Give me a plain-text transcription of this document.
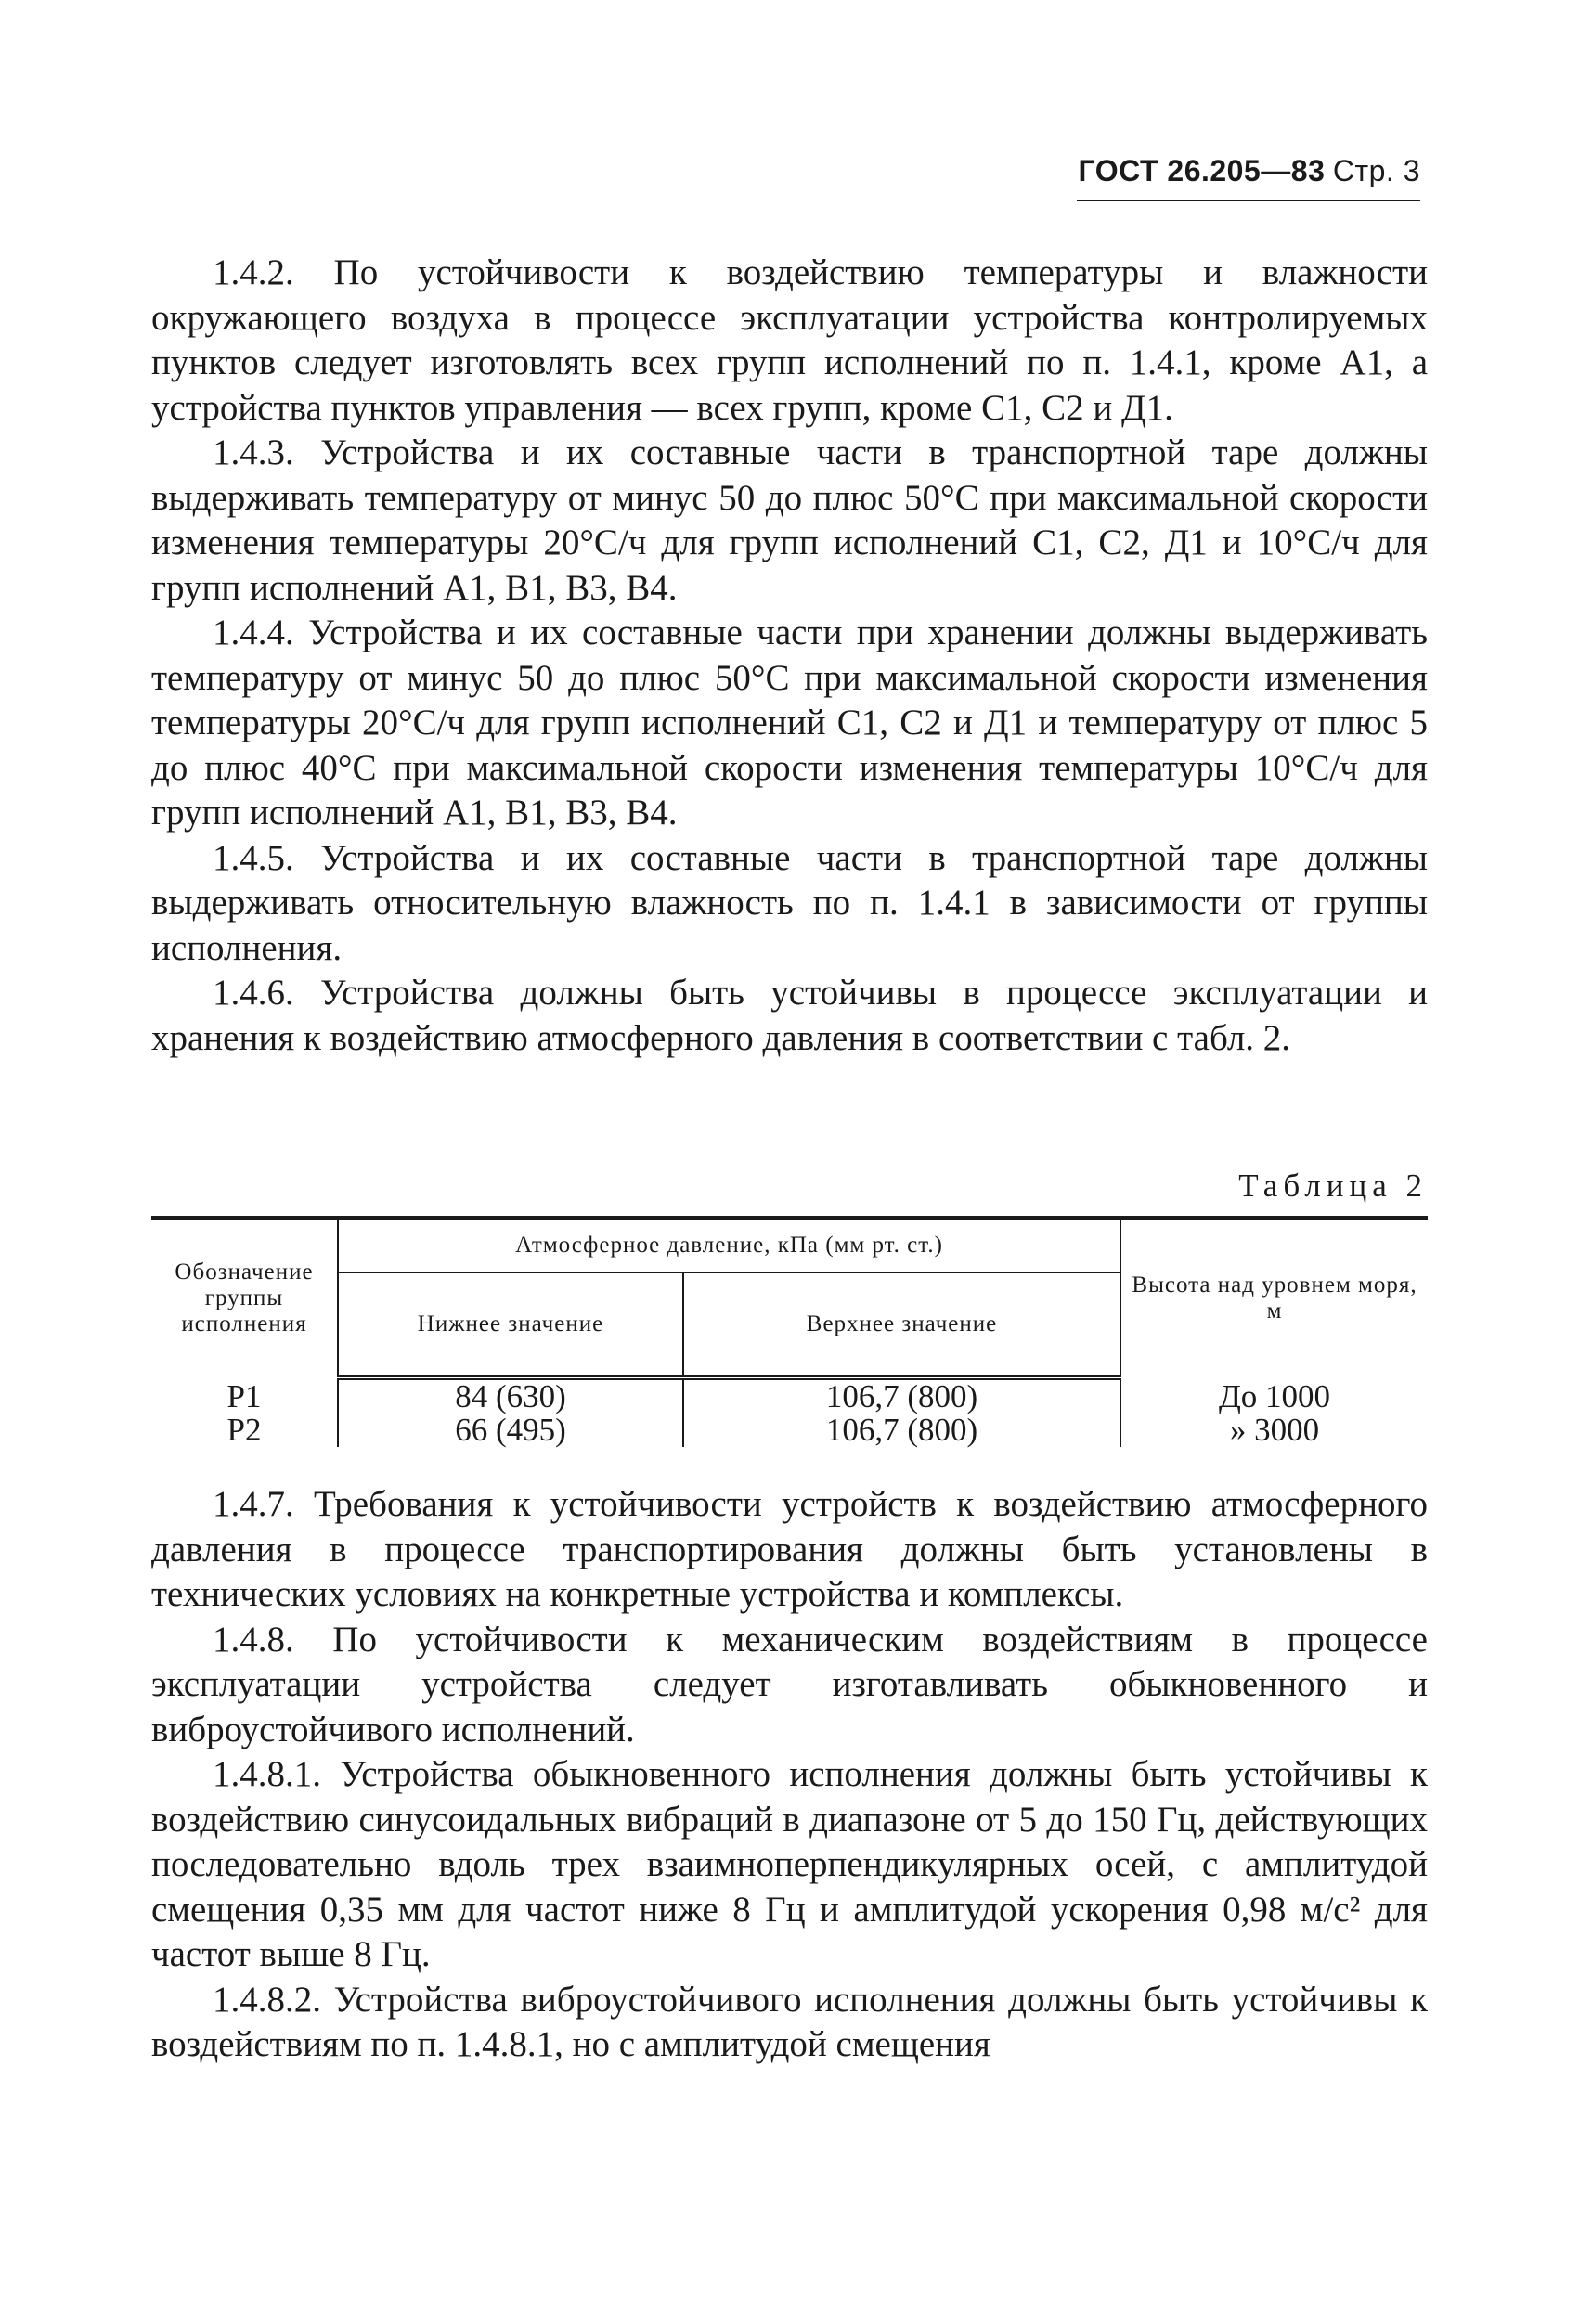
ГОСТ 26.205—83 Стр. 3

1.4.2. По устойчивости к воздействию температуры и влажности окружающего воздуха в процессе эксплуатации устройства контролируемых пунктов следует изготовлять всех групп исполнений по п. 1.4.1, кроме А1, а устройства пунктов управления — всех групп, кроме С1, С2 и Д1.

1.4.3. Устройства и их составные части в транспортной таре должны выдерживать температуру от минус 50 до плюс 50°С при максимальной скорости изменения температуры 20°С/ч для групп исполнений С1, С2, Д1 и 10°С/ч для групп исполнений А1, В1, В3, В4.

1.4.4. Устройства и их составные части при хранении должны выдерживать температуру от минус 50 до плюс 50°С при максимальной скорости изменения температуры 20°С/ч для групп исполнений С1, С2 и Д1 и температуру от плюс 5 до плюс 40°С при максимальной скорости изменения температуры 10°С/ч для групп исполнений А1, В1, В3, В4.

1.4.5. Устройства и их составные части в транспортной таре должны выдерживать относительную влажность по п. 1.4.1 в зависимости от группы исполнения.

1.4.6. Устройства должны быть устойчивы в процессе эксплуатации и хранения к воздействию атмосферного давления в соответствии с табл. 2.

Таблица 2
Обозначение группы исполнения	Атмосферное давление, кПа (мм рт. ст.)		Высота над уровнем моря, м
	Нижнее значение	Верхнее значение	

Р1	84 (630)	106,7 (800)	До 1000
Р2	66 (495)	106,7 (800)	» 3000

1.4.7. Требования к устойчивости устройств к воздействию атмосферного давления в процессе транспортирования должны быть установлены в технических условиях на конкретные устройства и комплексы.

1.4.8. По устойчивости к механическим воздействиям в процессе эксплуатации устройства следует изготавливать обыкновенного и виброустойчивого исполнений.

1.4.8.1. Устройства обыкновенного исполнения должны быть устойчивы к воздействию синусоидальных вибраций в диапазоне от 5 до 150 Гц, действующих последовательно вдоль трех взаимноперпендикулярных осей, с амплитудой смещения 0,35 мм для частот ниже 8 Гц и амплитудой ускорения 0,98 м/с² для частот выше 8 Гц.

1.4.8.2. Устройства виброустойчивого исполнения должны быть устойчивы к воздействиям по п. 1.4.8.1, но с амплитудой смещения
